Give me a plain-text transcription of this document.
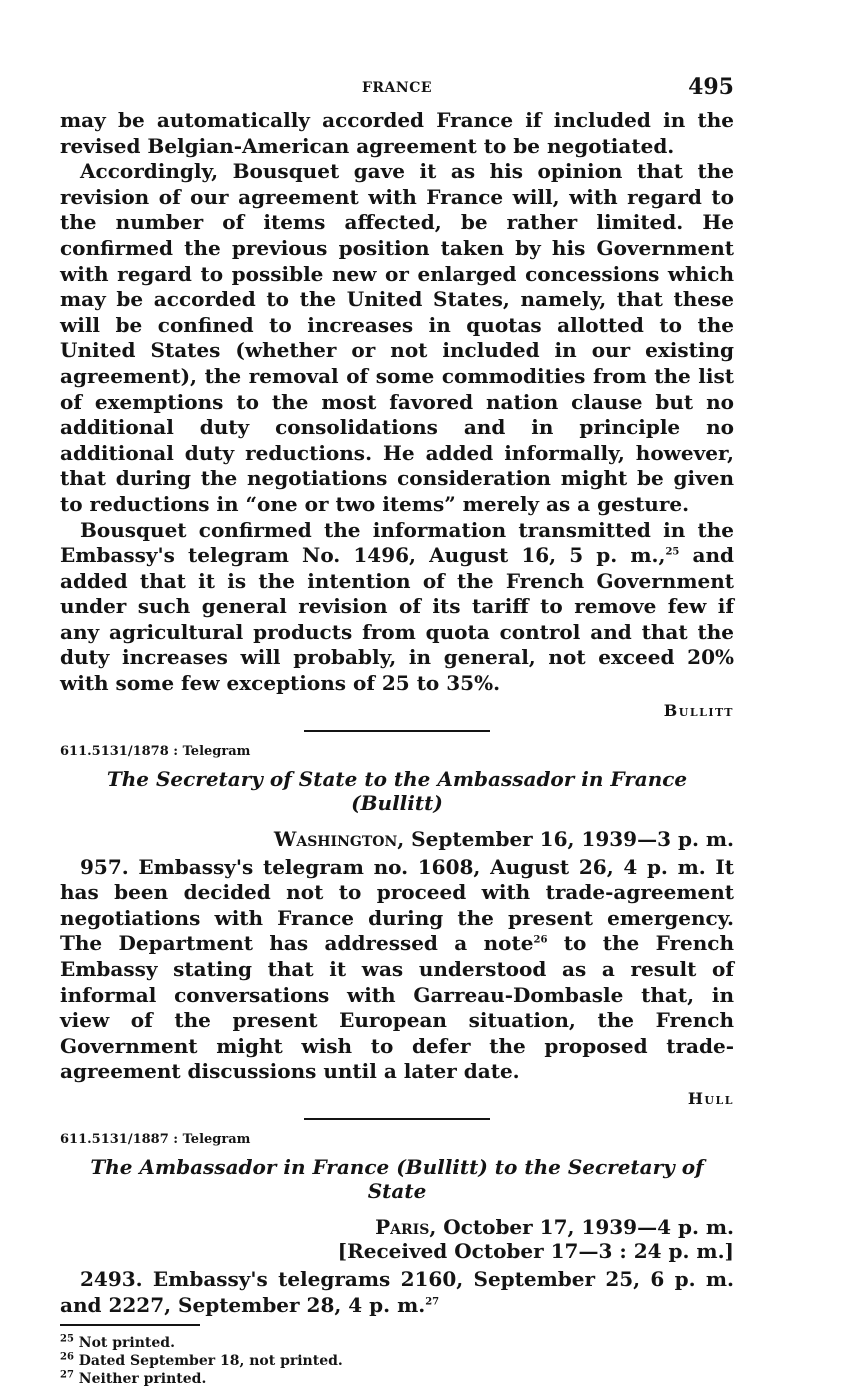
FRANCE	495

may be automatically accorded France if included in the revised Belgian-American agreement to be negotiated.

Accordingly, Bousquet gave it as his opinion that the revision of our agreement with France will, with regard to the number of items affected, be rather limited. He confirmed the previous position taken by his Government with regard to possible new or enlarged concessions which may be accorded to the United States, namely, that these will be confined to increases in quotas allotted to the United States (whether or not included in our existing agreement), the removal of some commodities from the list of exemptions to the most favored nation clause but no additional duty consolidations and in principle no additional duty reductions. He added informally, however, that during the negotiations consideration might be given to reductions in “one or two items” merely as a gesture.

Bousquet confirmed the information transmitted in the Embassy's telegram No. 1496, August 16, 5 p. m.,$^{25}$ and added that it is the intention of the French Government under such general revision of its tariff to remove few if any agricultural products from quota control and that the duty increases will probably, in general, not exceed 20% with some few exceptions of 25 to 35%.

Bullitt

611.5131/1878 : Telegram

The Secretary of State to the Ambassador in France (Bullitt)

Washington, September 16, 1939—3 p. m.

957. Embassy's telegram no. 1608, August 26, 4 p. m. It has been decided not to proceed with trade-agreement negotiations with France during the present emergency. The Department has addressed a note$^{26}$ to the French Embassy stating that it was understood as a result of informal conversations with Garreau-Dombasle that, in view of the present European situation, the French Government might wish to defer the proposed trade-agreement discussions until a later date.

Hull

611.5131/1887 : Telegram

The Ambassador in France (Bullitt) to the Secretary of State

Paris, October 17, 1939—4 p. m.

[Received October 17—3 : 24 p. m.]

2493. Embassy's telegrams 2160, September 25, 6 p. m. and 2227, September 28, 4 p. m.$^{27}$

$^{25}$ Not printed.
$^{26}$ Dated September 18, not printed.
$^{27}$ Neither printed.
